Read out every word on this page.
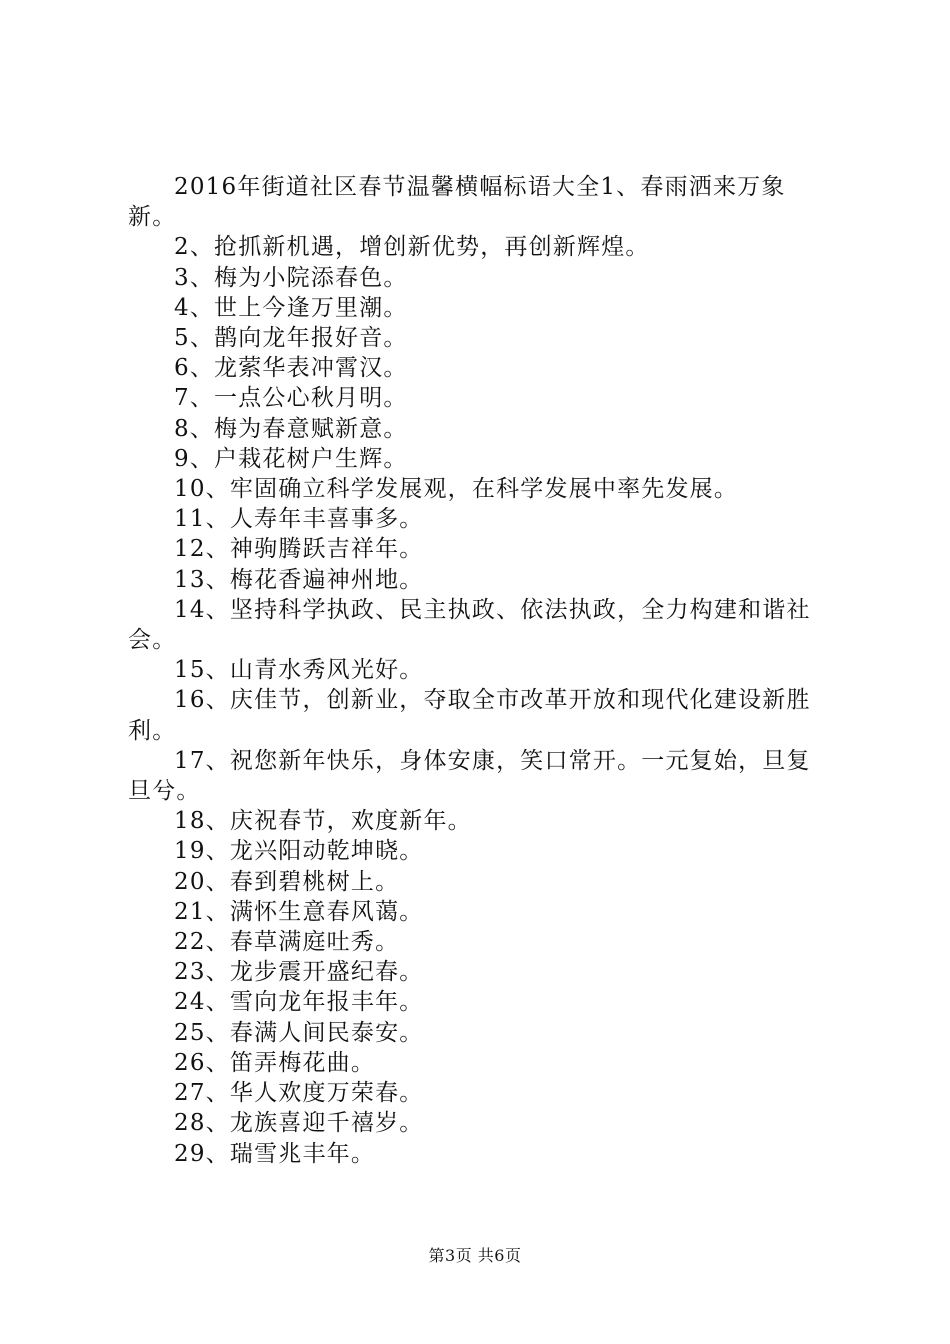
2016年街道社区春节温馨横幅标语大全1、春雨洒来万象新。

2、抢抓新机遇，增创新优势，再创新辉煌。

3、梅为小院添春色。

4、世上今逢万里潮。

5、鹊向龙年报好音。

6、龙萦华表冲霄汉。

7、一点公心秋月明。

8、梅为春意赋新意。

9、户栽花树户生辉。

10、牢固确立科学发展观，在科学发展中率先发展。

11、人寿年丰喜事多。

12、神驹腾跃吉祥年。

13、梅花香遍神州地。

14、坚持科学执政、民主执政、依法执政，全力构建和谐社会。

15、山青水秀风光好。

16、庆佳节，创新业，夺取全市改革开放和现代化建设新胜利。

17、祝您新年快乐，身体安康，笑口常开。一元复始，旦复旦兮。

18、庆祝春节，欢度新年。

19、龙兴阳动乾坤晓。

20、春到碧桃树上。

21、满怀生意春风蔼。

22、春草满庭吐秀。

23、龙步震开盛纪春。

24、雪向龙年报丰年。

25、春满人间民泰安。

26、笛弄梅花曲。

27、华人欢度万荣春。

28、龙族喜迎千禧岁。

29、瑞雪兆丰年。

第3页 共6页
